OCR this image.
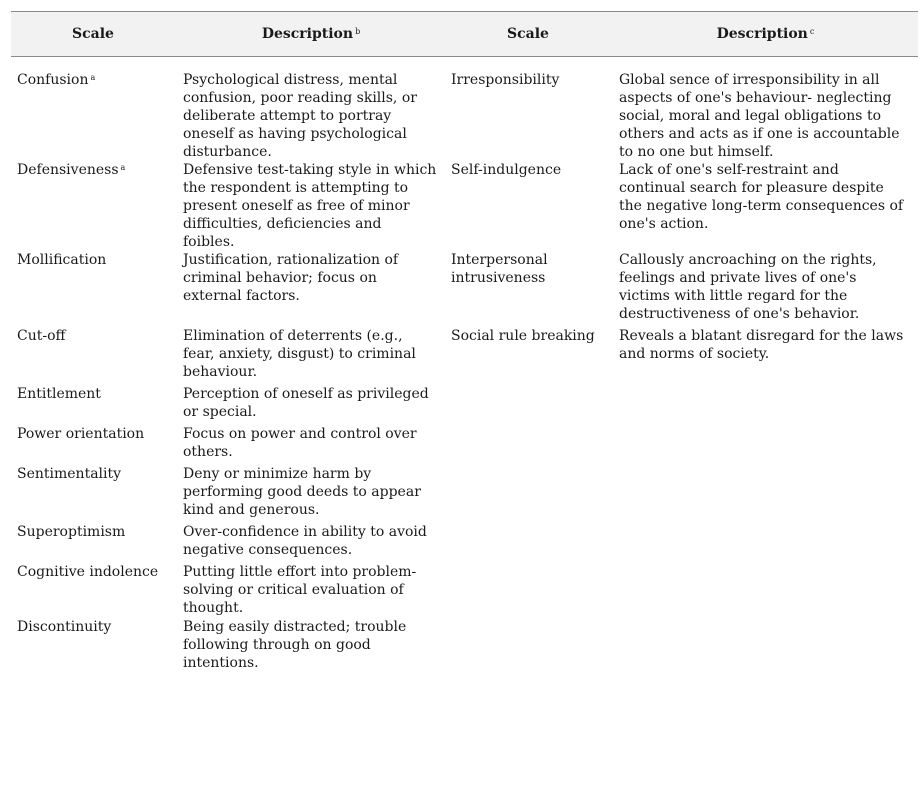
Scale	Description $^b$	Scale	Description $^c$
Confusion $^a$	Psychological distress, mental confusion, poor reading skills, or deliberate attempt to portray oneself as having psychological disturbance.	Irresponsibility	Global sence of irresponsibility in all aspects of one's behaviour- neglecting social, moral and legal obligations to others and acts as if one is accountable to no one but himself.
Defensiveness $^a$	Defensive test-taking style in which the respondent is attempting to present oneself as free of minor difficulties, deficiencies and foibles.	Self-indulgence	Lack of one's self-restraint and continual search for pleasure despite the negative long-term consequences of one's action.
Mollification	Justification, rationalization of criminal behavior; focus on external factors.	Interpersonal intrusiveness	Callously ancroaching on the rights, feelings and private lives of one's victims with little regard for the destructiveness of one's behavior.
Cut-off	Elimination of deterrents (e.g., fear, anxiety, disgust) to criminal behaviour.	Social rule breaking	Reveals a blatant disregard for the laws and norms of society.
Entitlement	Perception of oneself as privileged or special.		
Power orientation	Focus on power and control over others.		
Sentimentality	Deny or minimize harm by performing good deeds to appear kind and generous.		
Superoptimism	Over-confidence in ability to avoid negative consequences.		
Cognitive indolence	Putting little effort into problem-solving or critical evaluation of thought.		
Discontinuity	Being easily distracted; trouble following through on good intentions.		
